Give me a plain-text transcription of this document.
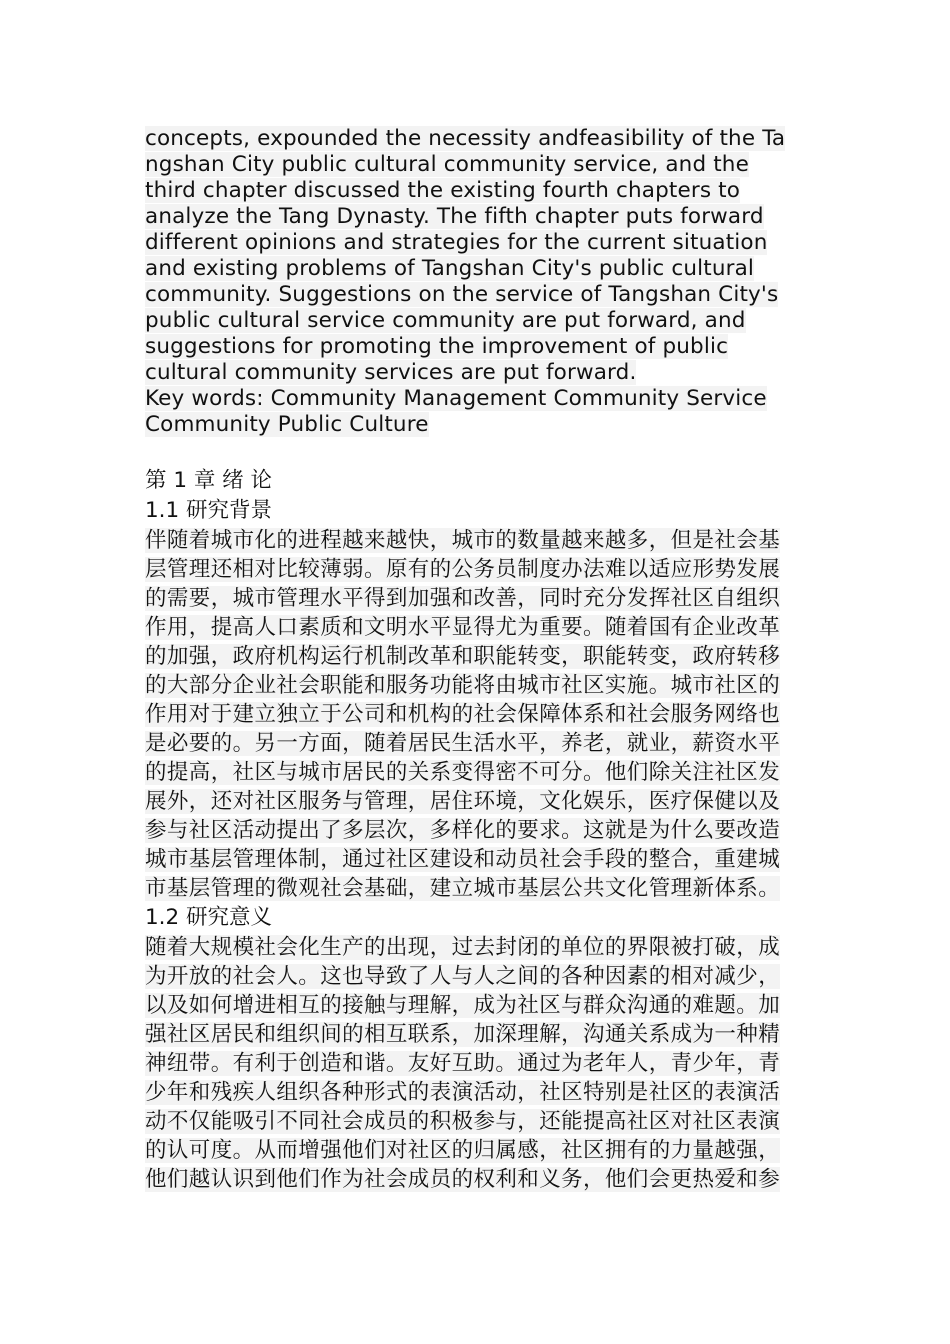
concepts, expounded the necessity andfeasibility of the Ta
ngshan City public cultural community service, and the
third chapter discussed the existing fourth chapters to
analyze the Tang Dynasty. The fifth chapter puts forward
different opinions and strategies for the current situation
and existing problems of Tangshan City's public cultural
community. Suggestions on the service of Tangshan City's
public cultural service community are put forward, and
suggestions for promoting the improvement of public
cultural community services are put forward.
Key words: Community Management Community Service
Community Public Culture
第 1 章 绪 论
1.1 研究背景
伴随着城市化的进程越来越快，城市的数量越来越多，但是社会基
层管理还相对比较薄弱。原有的公务员制度办法难以适应形势发展
的需要，城市管理水平得到加强和改善，同时充分发挥社区自组织
作用，提高人口素质和文明水平显得尤为重要。随着国有企业改革
的加强，政府机构运行机制改革和职能转变，职能转变，政府转移
的大部分企业社会职能和服务功能将由城市社区实施。城市社区的
作用对于建立独立于公司和机构的社会保障体系和社会服务网络也
是必要的。另一方面，随着居民生活水平，养老，就业，薪资水平
的提高，社区与城市居民的关系变得密不可分。他们除关注社区发
展外，还对社区服务与管理，居住环境，文化娱乐，医疗保健以及
参与社区活动提出了多层次，多样化的要求。这就是为什么要改造
城市基层管理体制，通过社区建设和动员社会手段的整合，重建城
市基层管理的微观社会基础，建立城市基层公共文化管理新体系。
1.2 研究意义
随着大规模社会化生产的出现，过去封闭的单位的界限被打破，成
为开放的社会人。这也导致了人与人之间的各种因素的相对减少，
以及如何增进相互的接触与理解，成为社区与群众沟通的难题。加
强社区居民和组织间的相互联系，加深理解，沟通关系成为一种精
神纽带。有利于创造和谐。友好互助。通过为老年人，青少年，青
少年和残疾人组织各种形式的表演活动，社区特别是社区的表演活
动不仅能吸引不同社会成员的积极参与，还能提高社区对社区表演
的认可度。从而增强他们对社区的归属感，社区拥有的力量越强，
他们越认识到他们作为社会成员的权利和义务，他们会更热爱和参
